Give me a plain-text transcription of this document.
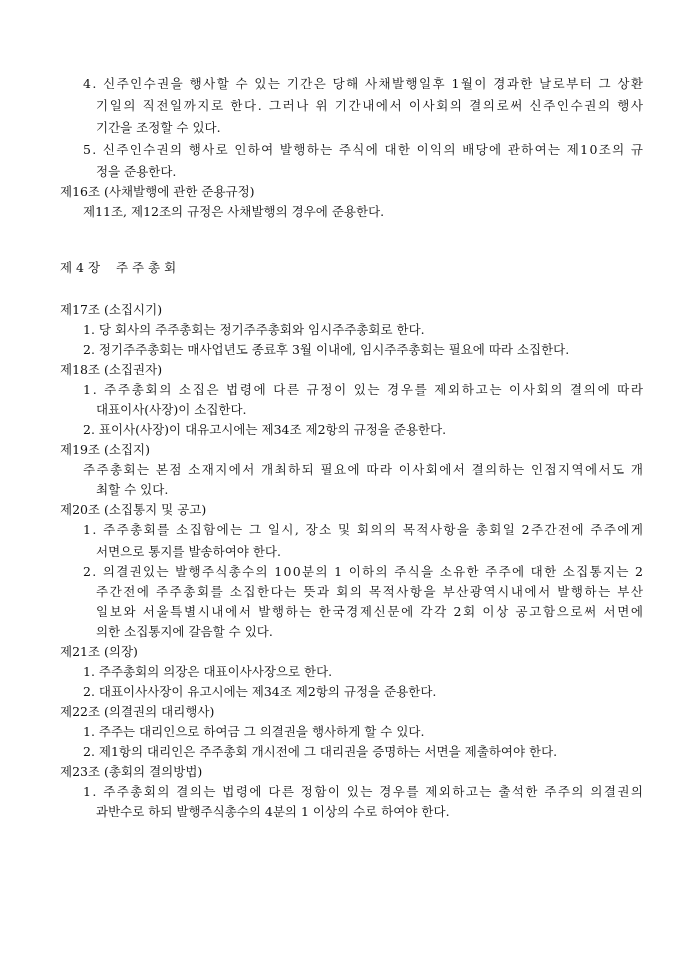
4. 신주인수권을 행사할 수 있는 기간은 당해 사채발행일후 1월이 경과한 날로부터 그 상환
기일의 직전일까지로 한다. 그러나 위 기간내에서 이사회의 결의로써 신주인수권의 행사
기간을 조정할 수 있다.
5. 신주인수권의 행사로 인하여 발행하는 주식에 대한 이익의 배당에 관하여는 제10조의 규
정을 준용한다.
제16조 (사채발행에 관한 준용규정)
제11조, 제12조의 규정은 사채발행의 경우에 준용한다.
제 4 장    주 주 총 회
제17조 (소집시기)
1. 당 회사의 주주총회는 정기주주총회와 임시주주총회로 한다.
2. 정기주주총회는 매사업년도 종료후 3월 이내에, 임시주주총회는 필요에 따라 소집한다.
제18조 (소집권자)
1. 주주총회의 소집은 법령에 다른 규정이 있는 경우를 제외하고는 이사회의 결의에 따라
대표이사(사장)이 소집한다.
2. 표이사(사장)이 대유고시에는 제34조 제2항의 규정을 준용한다.
제19조 (소집지)
주주총회는 본점 소재지에서 개최하되 필요에 따라 이사회에서 결의하는 인접지역에서도 개
최할 수 있다.
제20조 (소집통지 및 공고)
1. 주주총회를 소집함에는 그 일시, 장소 및 회의의 목적사항을 총회일 2주간전에 주주에게
서면으로 통지를 발송하여야 한다.
2. 의결권있는 발행주식총수의 100분의 1 이하의 주식을 소유한 주주에 대한 소집통지는 2
주간전에 주주총회를 소집한다는 뜻과 회의 목적사항을 부산광역시내에서 발행하는 부산
일보와 서울특별시내에서 발행하는 한국경제신문에 각각 2회 이상 공고함으로써 서면에
의한 소집통지에 갈음할 수 있다.
제21조 (의장)
1. 주주총회의 의장은 대표이사사장으로 한다.
2. 대표이사사장이 유고시에는 제34조 제2항의 규정을 준용한다.
제22조 (의결권의 대리행사)
1. 주주는 대리인으로 하여금 그 의결권을 행사하게 할 수 있다.
2. 제1항의 대리인은 주주총회 개시전에 그 대리권을 증명하는 서면을 제출하여야 한다.
제23조 (총회의 결의방법)
1. 주주총회의 결의는 법령에 다른 정함이 있는 경우를 제외하고는 출석한 주주의 의결권의
과반수로 하되 발행주식총수의 4분의 1 이상의 수로 하여야 한다.
